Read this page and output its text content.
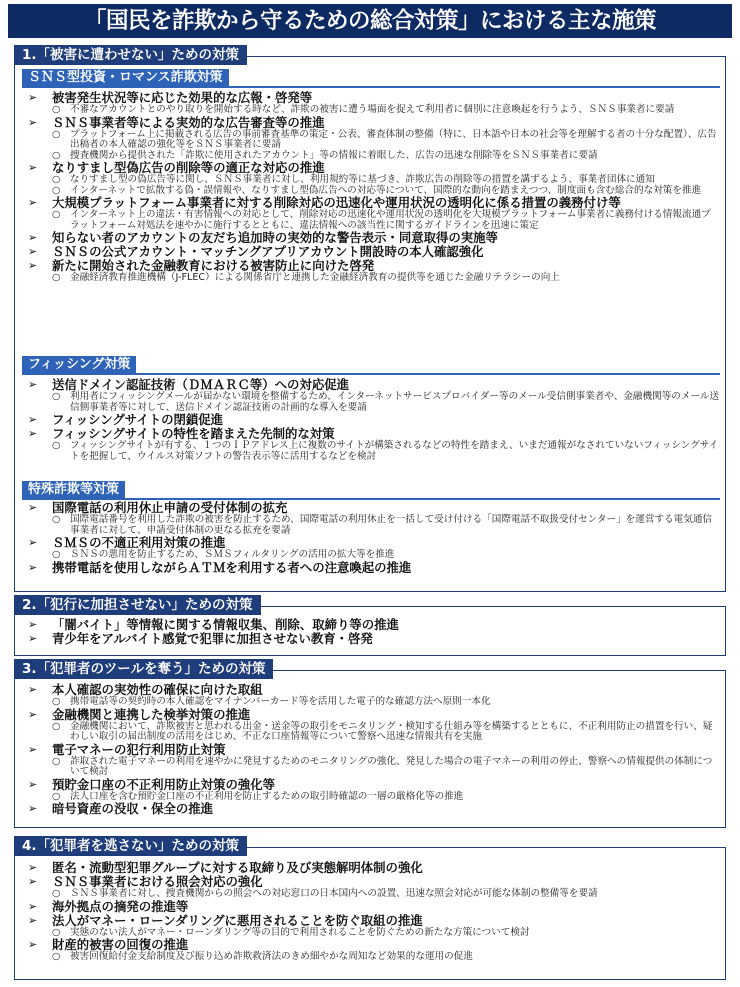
「国民を詐欺から守るための総合対策」における主な施策
1.「被害に遭わせない」ための対策
ＳＮＳ型投資・ロマンス詐欺対策
➢ 被害発生状況等に応じた効果的な広報・啓発等
○ 不審なアカウントとのやり取りを開始する時など、詐欺の被害に遭う場面を捉えて利用者に個別に注意喚起を行うよう、ＳＮＳ事業者に要請
➢ ＳＮＳ事業者等による実効的な広告審査等の推進
○ プラットフォーム上に掲載される広告の事前審査基準の策定・公表、審査体制の整備（特に、日本語や日本の社会等を理解する者の十分な配置）、広告出稿者の本人確認の強化等をＳＮＳ事業者に要請
○ 捜査機関から提供された「詐欺に使用されたアカウント」等の情報に着眼した、広告の迅速な削除等をＳＮＳ事業者に要請
➢ なりすまし型偽広告の削除等の適正な対応の推進
○ なりすまし型の偽広告等に関し、ＳＮＳ事業者に対し、利用規約等に基づき、詐欺広告の削除等の措置を講ずるよう、事業者団体に通知
○ インターネットで拡散する偽・誤情報や、なりすまし型偽広告への対応等について、国際的な動向を踏まえつつ、制度面も含む総合的な対策を推進
➢ 大規模プラットフォーム事業者に対する削除対応の迅速化や運用状況の透明化に係る措置の義務付け等
○ インターネット上の違法・有害情報への対応として、削除対応の迅速化や運用状況の透明化を大規模プラットフォーム事業者に義務付ける情報流通プラットフォーム対処法を速やかに施行するとともに、違法情報への該当性に関するガイドラインを迅速に策定
➢ 知らない者のアカウントの友だち追加時の実効的な警告表示・同意取得の実施等
➢ ＳＮＳの公式アカウント・マッチングアプリアカウント開設時の本人確認強化
➢ 新たに開始された金融教育における被害防止に向けた啓発
○ 金融経済教育推進機構（J-FLEC）による関係省庁と連携した金融経済教育の提供等を通じた金融リテラシーの向上
フィッシング対策
➢ 送信ドメイン認証技術（ＤＭＡＲＣ等）への対応促進
○ 利用者にフィッシングメールが届かない環境を整備するため、インターネットサービスプロバイダー等のメール受信側事業者や、金融機関等のメール送信側事業者等に対して、送信ドメイン認証技術の計画的な導入を要請
➢ フィッシングサイトの閉鎖促進
➢ フィッシングサイトの特性を踏まえた先制的な対策
○ フィッシングサイトが有する、１つのＩＰアドレス上に複数のサイトが構築されるなどの特性を踏まえ、いまだ通報がなされていないフィッシングサイトを把握して、ウイルス対策ソフトの警告表示等に活用するなどを検討
特殊詐欺等対策
➢ 国際電話の利用休止申請の受付体制の拡充
○ 国際電話番号を利用した詐欺の被害を防止するため、国際電話の利用休止を一括して受け付ける「国際電話不取扱受付センター」を運営する電気通信事業者に対して、申請受付体制の更なる拡充を要請
➢ ＳＭＳの不適正利用対策の推進
○ ＳＮＳの悪用を防止するため、ＳＭＳフィルタリングの活用の拡大等を推進
➢ 携帯電話を使用しながらＡＴＭを利用する者への注意喚起の推進
2.「犯行に加担させない」ための対策
➢ 「闇バイト」等情報に関する情報収集、削除、取締り等の推進
➢ 青少年をアルバイト感覚で犯罪に加担させない教育・啓発
3.「犯罪者のツールを奪う」ための対策
➢ 本人確認の実効性の確保に向けた取組
○ 携帯電話等の契約時の本人確認をマイナンバーカード等を活用した電子的な確認方法へ原則一本化
➢ 金融機関と連携した検挙対策の推進
○ 金融機関において、詐欺被害と思われる出金・送金等の取引をモニタリング・検知する仕組み等を構築するとともに、不正利用防止の措置を行い、疑わしい取引の届出制度の活用をはじめ、不正な口座情報等について警察へ迅速な情報共有を実施
➢ 電子マネーの犯行利用防止対策
○ 詐取された電子マネーの利用を速やかに発見するためのモニタリングの強化、発見した場合の電子マネーの利用の停止、警察への情報提供の体制について検討
➢ 預貯金口座の不正利用防止対策の強化等
○ 法人口座を含む預貯金口座の不正利用を防止するための取引時確認の一層の厳格化等の推進
➢ 暗号資産の没収・保全の推進
4.「犯罪者を逃さない」ための対策
➢ 匿名・流動型犯罪グループに対する取締り及び実態解明体制の強化
➢ ＳＮＳ事業者における照会対応の強化
○ ＳＮＳ事業者に対し、捜査機関からの照会への対応窓口の日本国内への設置、迅速な照会対応が可能な体制の整備等を要請
➢ 海外拠点の摘発の推進等
➢ 法人がマネー・ローンダリングに悪用されることを防ぐ取組の推進
○ 実態のない法人がマネー・ローンダリング等の目的で利用されることを防ぐための新たな方策について検討
➢ 財産的被害の回復の推進
○ 被害回復給付金支給制度及び振り込め詐欺救済法のきめ細やかな周知など効果的な運用の促進
